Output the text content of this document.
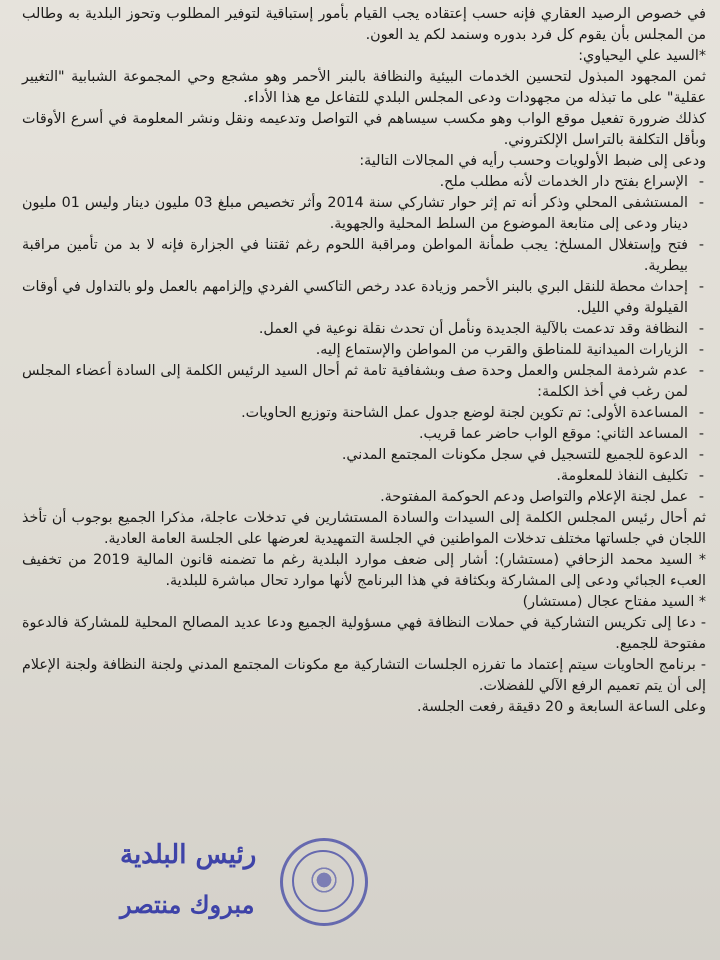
في خصوص الرصيد العقاري فإنه حسب إعتقاده يجب القيام بأمور إستباقية لتوفير المطلوب وتحوز البلدية به وطالب من المجلس بأن يقوم كل فرد بدوره وسنمد لكم يد العون.

*السيد علي اليحياوي:

ثمن المجهود المبذول لتحسين الخدمات البيئية والنظافة بالبنر الأحمر وهو مشجع وحي المجموعة الشبابية "التغيير عقلية" على ما تبذله من مجهودات ودعى المجلس البلدي للتفاعل مع هذا الأداء.

كذلك ضرورة تفعيل موقع الواب وهو مكسب سيساهم في التواصل وتدعيمه ونقل ونشر المعلومة في أسرع الأوقات وبأقل التكلفة بالتراسل الإلكتروني.

ودعى إلى ضبط الأولويات وحسب رأيه في المجالات التالية:

- الإسراع بفتح دار الخدمات لأنه مطلب ملح.
- المستشفى المحلي وذكر أنه تم إثر حوار تشاركي سنة 2014 وأثر تخصيص مبلغ 03 مليون دينار وليس 01 مليون دينار ودعى إلى متابعة الموضوع من السلط المحلية والجهوية.
- فتح وإستغلال المسلخ: يجب طمأنة المواطن ومراقبة اللحوم رغم ثقتنا في الجزارة فإنه لا بد من تأمين مراقبة بيطرية.
- إحداث محطة للنقل البري بالبنر الأحمر وزيادة عدد رخص التاكسي الفردي وإلزامهم بالعمل ولو بالتداول في أوقات القيلولة وفي الليل.
- النظافة وقد تدعمت بالآلية الجديدة ونأمل أن تحدث نقلة نوعية في العمل.
- الزيارات الميدانية للمناطق والقرب من المواطن والإستماع إليه.
- عدم شرذمة المجلس والعمل وحدة صف وبشفافية تامة ثم أحال السيد الرئيس الكلمة إلى السادة أعضاء المجلس لمن رغب في أخذ الكلمة:
- المساعدة الأولى: تم تكوين لجنة لوضع جدول عمل الشاحنة وتوزيع الحاويات.
- المساعد الثاني: موقع الواب حاضر عما قريب.
- الدعوة للجميع للتسجيل في سجل مكونات المجتمع المدني.
- تكليف النفاذ للمعلومة.
- عمل لجنة الإعلام والتواصل ودعم الحوكمة المفتوحة.

ثم أحال رئيس المجلس الكلمة إلى السيدات والسادة المستشارين في تدخلات عاجلة، مذكرا الجميع بوجوب أن تأخذ اللجان في جلساتها مختلف تدخلات المواطنين في الجلسة التمهيدية لعرضها على الجلسة العامة العادية.

* السيد محمد الزحافي (مستشار): أشار إلى ضعف موارد البلدية رغم ما تضمنه قانون المالية 2019 من تخفيف العبء الجبائي ودعى إلى المشاركة وبكثافة في هذا البرنامج لأنها موارد تحال مباشرة للبلدية.

* السيد مفتاح عجال (مستشار)

- دعا إلى تكريس التشاركية في حملات النظافة فهي مسؤولية الجميع ودعا عديد المصالح المحلية للمشاركة فالدعوة مفتوحة للجميع.

- برنامج الحاويات سيتم إعتماد ما تفرزه الجلسات التشاركية مع مكونات المجتمع المدني ولجنة النظافة ولجنة الإعلام إلى أن يتم تعميم الرفع الآلي للفضلات.

وعلى الساعة السابعة و 20 دقيقة رفعت الجلسة.

رئيس البلدية
مبروك منتصر
